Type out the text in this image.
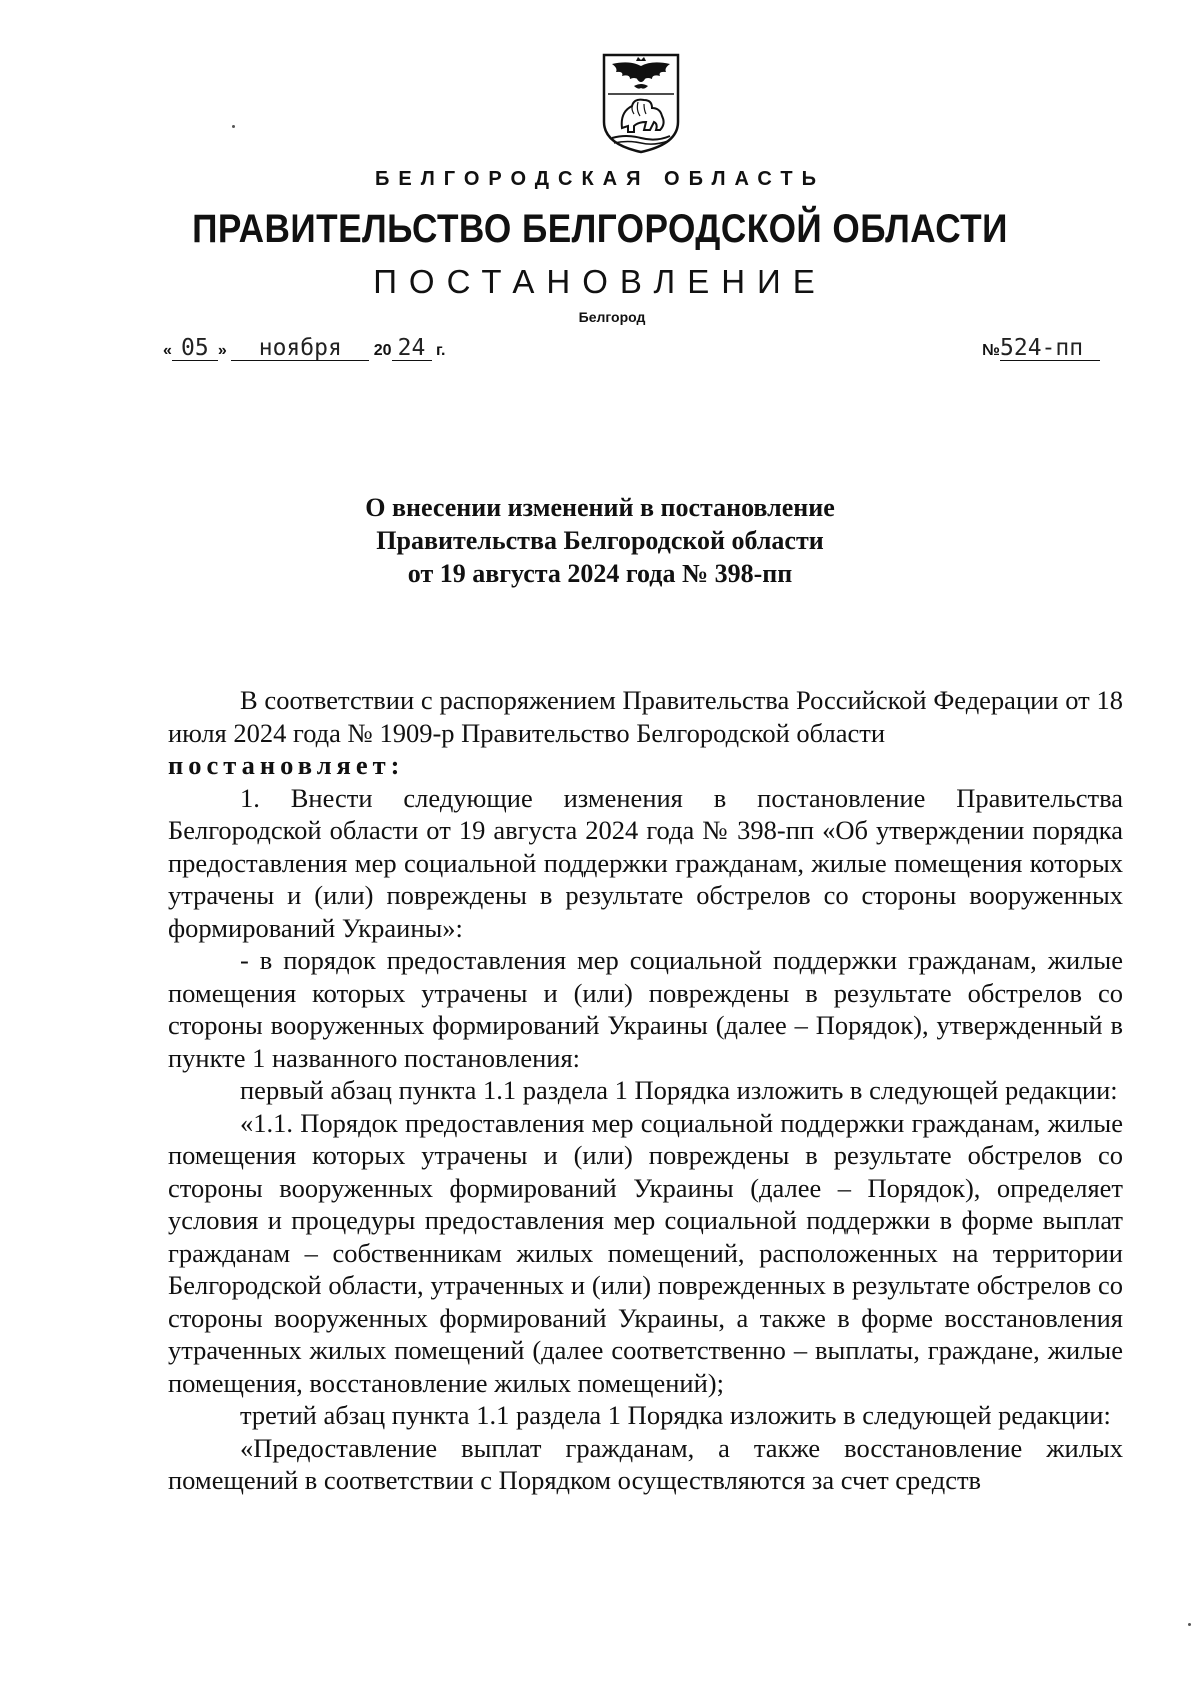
БЕЛГОРОДСКАЯ ОБЛАСТЬ
ПРАВИТЕЛЬСТВО БЕЛГОРОДСКОЙ ОБЛАСТИ
ПОСТАНОВЛЕНИЕ
Белгород
« 05 » ноября 20 24 г.	№524-пп
О внесении изменений в постановление
Правительства Белгородской области
от 19 августа 2024 года № 398-пп

В соответствии с распоряжением Правительства Российской Федерации от 18 июля 2024 года № 1909-р Правительство Белгородской области

постановляет:

1. Внести следующие изменения в постановление Правительства Белгородской области от 19 августа 2024 года № 398-пп «Об утверждении порядка предоставления мер социальной поддержки гражданам, жилые помещения которых утрачены и (или) повреждены в результате обстрелов со стороны вооруженных формирований Украины»:

- в порядок предоставления мер социальной поддержки гражданам, жилые помещения которых утрачены и (или) повреждены в результате обстрелов со стороны вооруженных формирований Украины (далее – Порядок), утвержденный в пункте 1 названного постановления:

первый абзац пункта 1.1 раздела 1 Порядка изложить в следующей редакции:

«1.1. Порядок предоставления мер социальной поддержки гражданам, жилые помещения которых утрачены и (или) повреждены в результате обстрелов со стороны вооруженных формирований Украины (далее – Порядок), определяет условия и процедуры предоставления мер социальной поддержки в форме выплат гражданам – собственникам жилых помещений, расположенных на территории Белгородской области, утраченных и (или) поврежденных в результате обстрелов со стороны вооруженных формирований Украины, а также в форме восстановления утраченных жилых помещений (далее соответственно – выплаты, граждане, жилые помещения, восстановление жилых помещений);

третий абзац пункта 1.1 раздела 1 Порядка изложить в следующей редакции:

«Предоставление выплат гражданам, а также восстановление жилых помещений в соответствии с Порядком осуществляются за счет средств
